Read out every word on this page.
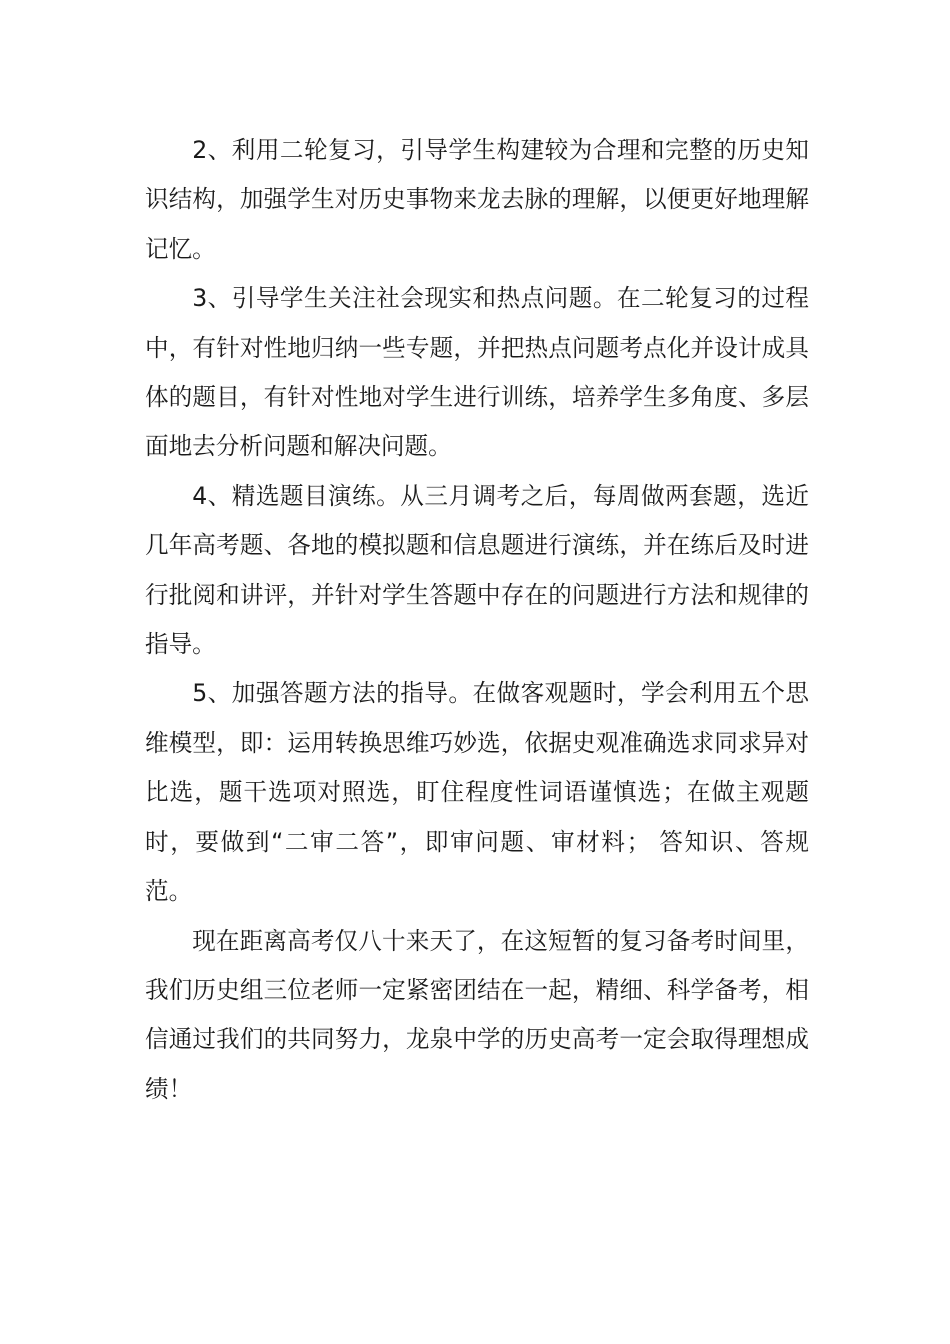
2、利用二轮复习，引导学生构建较为合理和完整的历史知识结构，加强学生对历史事物来龙去脉的理解，以便更好地理解记忆。

3、引导学生关注社会现实和热点问题。在二轮复习的过程中，有针对性地归纳一些专题，并把热点问题考点化并设计成具体的题目，有针对性地对学生进行训练，培养学生多角度、多层面地去分析问题和解决问题。

4、精选题目演练。从三月调考之后，每周做两套题，选近几年高考题、各地的模拟题和信息题进行演练，并在练后及时进行批阅和讲评，并针对学生答题中存在的问题进行方法和规律的指导。

5、加强答题方法的指导。在做客观题时，学会利用五个思维模型，即：运用转换思维巧妙选，依据史观准确选求同求异对比选，题干选项对照选，盯住程度性词语谨慎选；在做主观题时，要做到“二审二答”，即审问题、审材料； 答知识、答规范。

现在距离高考仅八十来天了，在这短暂的复习备考时间里，我们历史组三位老师一定紧密团结在一起，精细、科学备考，相信通过我们的共同努力，龙泉中学的历史高考一定会取得理想成绩！
